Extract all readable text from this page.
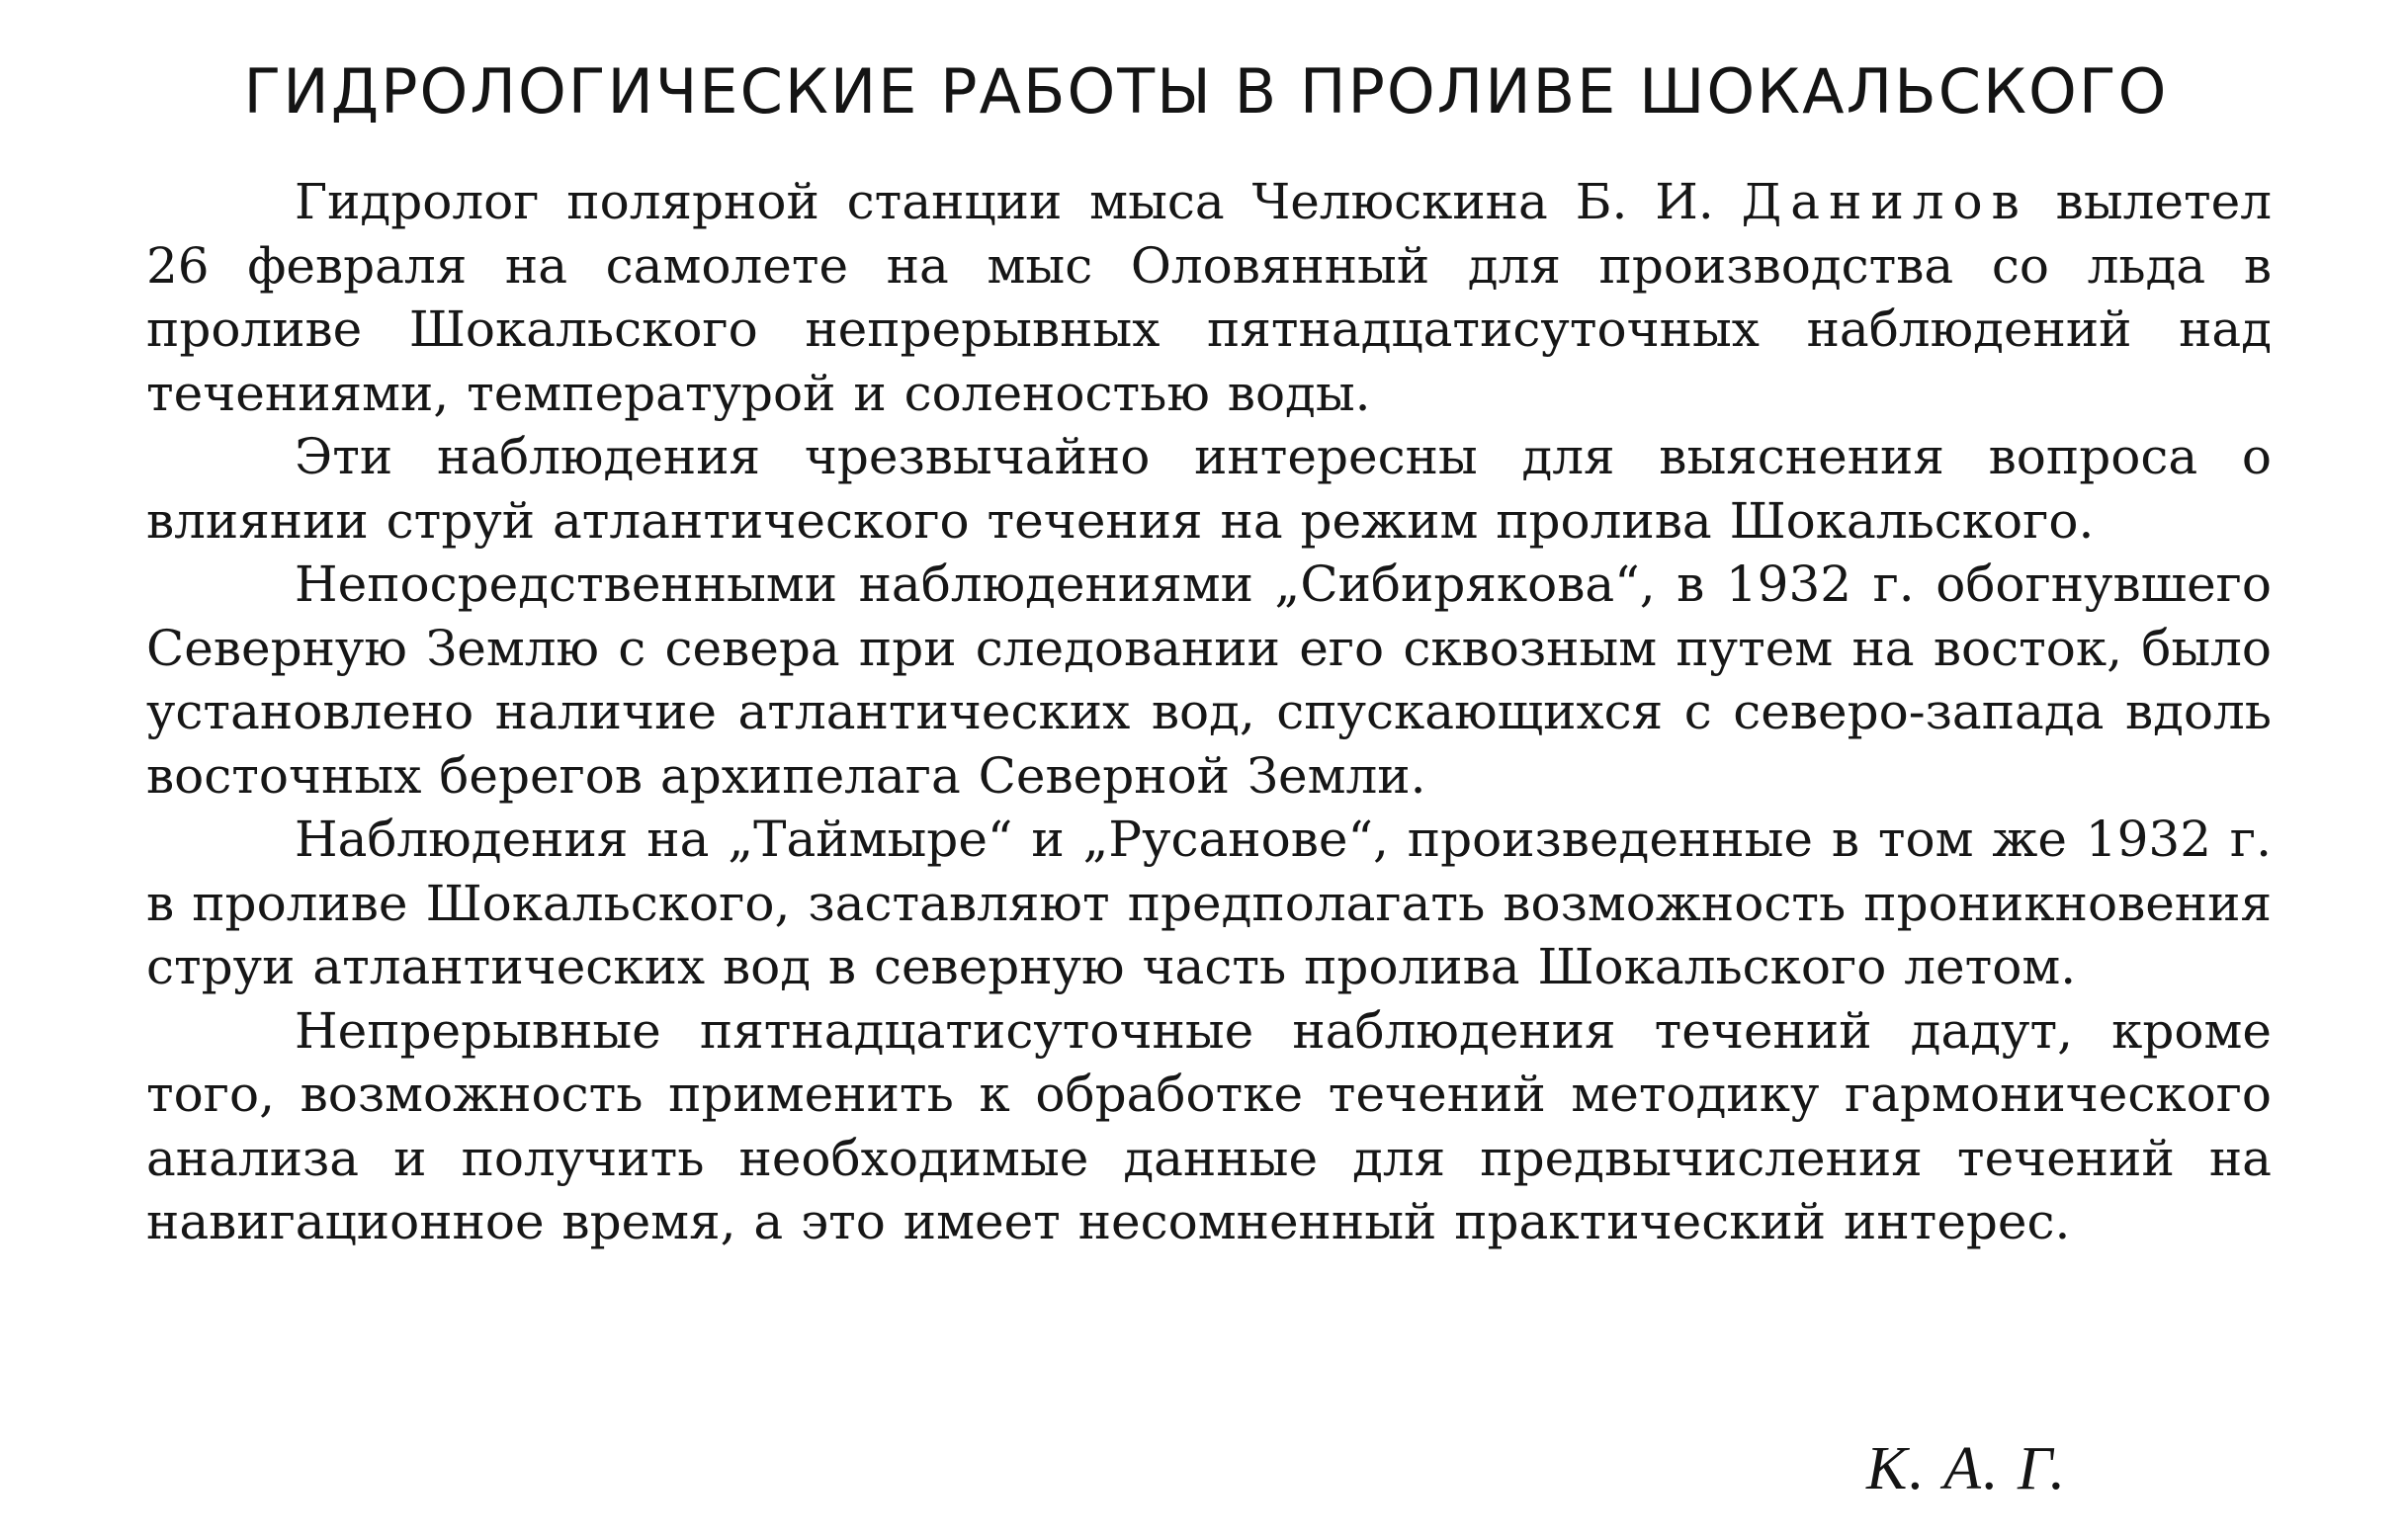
ГИДРОЛОГИЧЕСКИЕ РАБОТЫ В ПРОЛИВЕ ШОКАЛЬСКОГО

Гидролог полярной станции мыса Челюскина Б. И. Данилов вылетел 26 февраля на самолете на мыс Оловянный для производства со льда в проливе Шокальского непрерывных пятнадцатисуточных наблюдений над течениями, температурой и соленостью воды.

Эти наблюдения чрезвычайно интересны для выяснения вопроса о влиянии струй атлантического течения на режим пролива Шокальского.

Непосредственными наблюдениями „Сибирякова“, в 1932 г. обогнувшего Северную Землю с севера при следовании его сквозным путем на восток, было установлено наличие атлантических вод, спускающихся с северо-запада вдоль восточных берегов архипелага Северной Земли.

Наблюдения на „Таймыре“ и „Русанове“, произведенные в том же 1932 г. в проливе Шокальского, заставляют предполагать возможность проникновения струи атлантических вод в северную часть пролива Шокальского летом.

Непрерывные пятнадцатисуточные наблюдения течений дадут, кроме того, возможность применить к обработке течений методику гармонического анализа и получить необходимые данные для предвычисления течений на навигационное время, а это имеет несомненный практический интерес.

К. А. Г.
